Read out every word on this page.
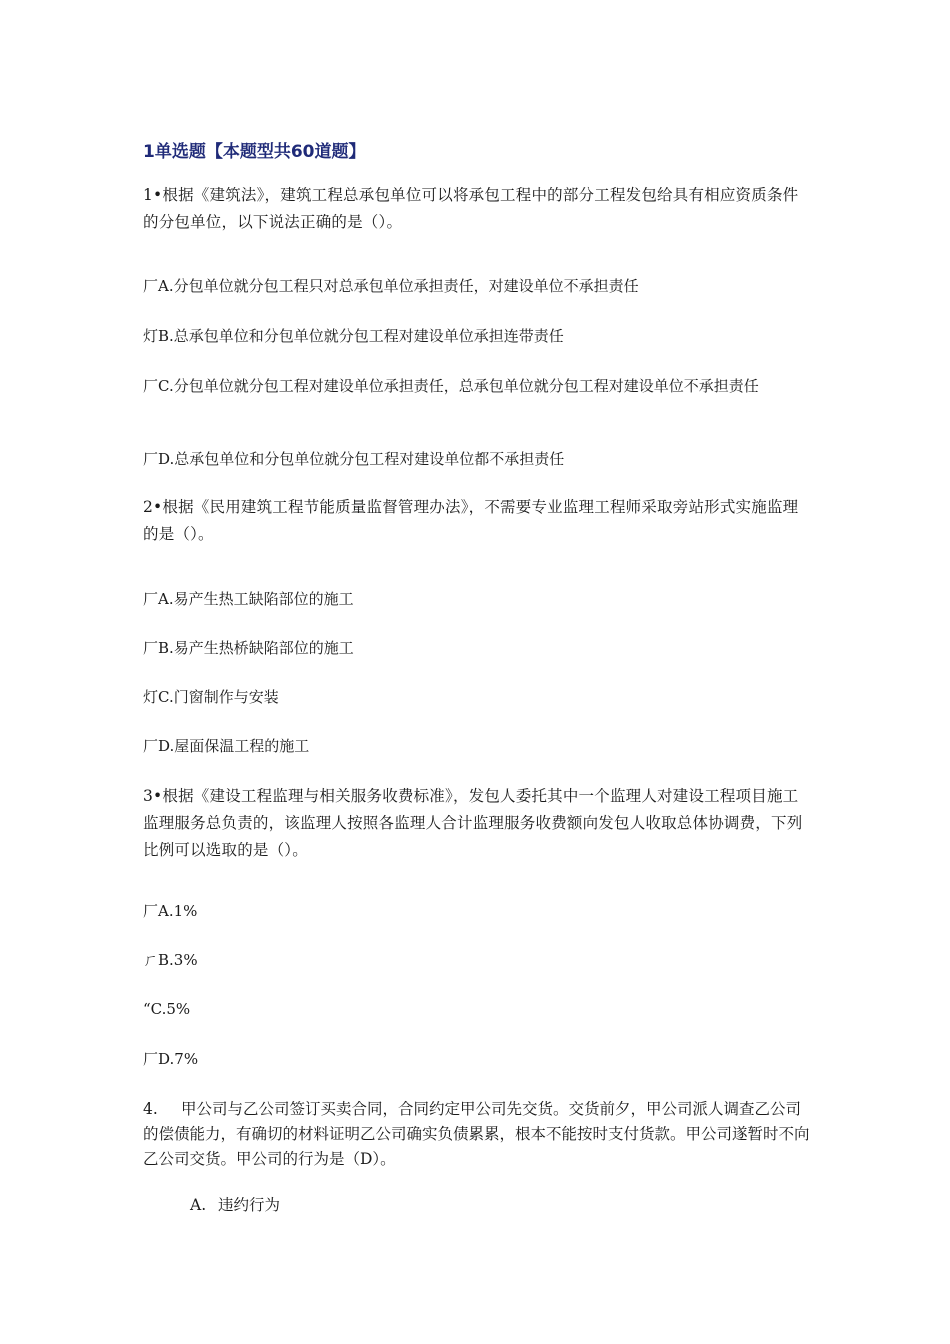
1单选题【本题型共60道题】
1•根据《建筑法》，建筑工程总承包单位可以将承包工程中的部分工程发包给具有相应资质条件的分包单位，以下说法正确的是（）。
厂A.分包单位就分包工程只对总承包单位承担责任，对建设单位不承担责任
灯B.总承包单位和分包单位就分包工程对建设单位承担连带责任
厂C.分包单位就分包工程对建设单位承担责任，总承包单位就分包工程对建设单位不承担责任
厂D.总承包单位和分包单位就分包工程对建设单位都不承担责任
2•根据《民用建筑工程节能质量监督管理办法》，不需要专业监理工程师采取旁站形式实施监理的是（）。
厂A.易产生热工缺陷部位的施工
厂B.易产生热桥缺陷部位的施工
灯C.门窗制作与安装
厂D.屋面保温工程的施工
3•根据《建设工程监理与相关服务收费标准》，发包人委托其中一个监理人对建设工程项目施工监理服务总负责的，该监理人按照各监理人合计监理服务收费额向发包人收取总体协调费，下列比例可以选取的是（）。
厂A.1%
ㄏB.3%
“C.5%
厂D.7%
4. 甲公司与乙公司签订买卖合同，合同约定甲公司先交货。交货前夕，甲公司派人调查乙公司的偿债能力，有确切的材料证明乙公司确实负债累累，根本不能按时支付货款。甲公司遂暂时不向乙公司交货。甲公司的行为是（D）。
A. 违约行为
